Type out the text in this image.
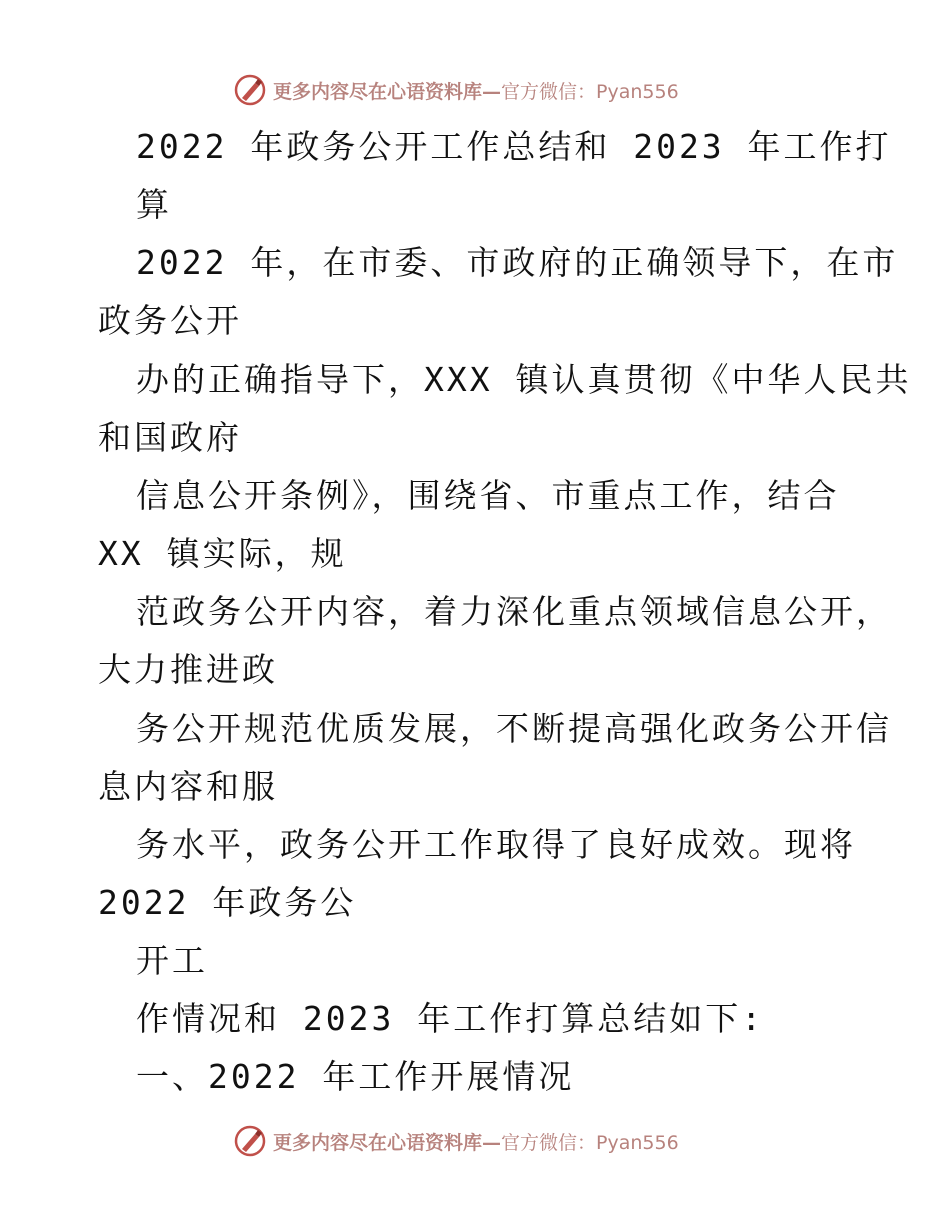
更多内容尽在心语资料库— 官方微信：Pyan556
2022 年政务公开工作总结和 2023 年工作打
算
2022 年，在市委、市政府的正确领导下，在市
政务公开
办的正确指导下，XXX 镇认真贯彻《中华人民共
和国政府
信息公开条例》，围绕省、市重点工作，结合
XX 镇实际，规
范政务公开内容，着力深化重点领域信息公开，
大力推进政
务公开规范优质发展，不断提高强化政务公开信
息内容和服
务水平，政务公开工作取得了良好成效。现将
2022 年政务公
开工
作情况和 2023 年工作打算总结如下:
一、2022 年工作开展情况
更多内容尽在心语资料库— 官方微信：Pyan556
